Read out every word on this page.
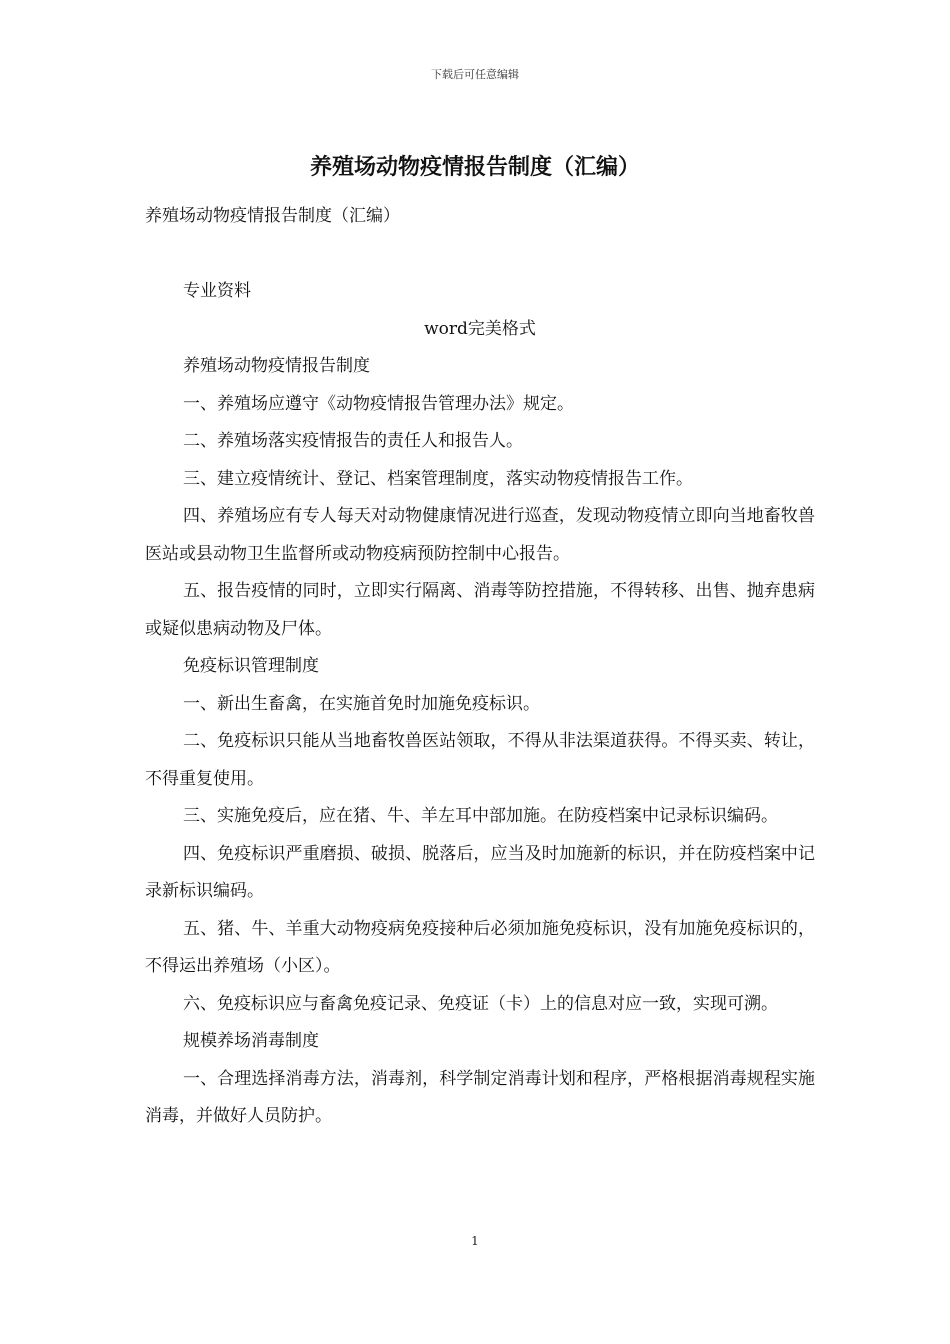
下载后可任意编辑
养殖场动物疫情报告制度（汇编）

养殖场动物疫情报告制度（汇编）

专业资料

word完美格式

养殖场动物疫情报告制度

一、养殖场应遵守《动物疫情报告管理办法》规定。

二、养殖场落实疫情报告的责任人和报告人。

三、建立疫情统计、登记、档案管理制度，落实动物疫情报告工作。

四、养殖场应有专人每天对动物健康情况进行巡查，发现动物疫情立即向当地畜牧兽医站或县动物卫生监督所或动物疫病预防控制中心报告。

五、报告疫情的同时，立即实行隔离、消毒等防控措施，不得转移、出售、抛弃患病或疑似患病动物及尸体。

免疫标识管理制度

一、新出生畜禽，在实施首免时加施免疫标识。

二、免疫标识只能从当地畜牧兽医站领取，不得从非法渠道获得。不得买卖、转让，不得重复使用。

三、实施免疫后，应在猪、牛、羊左耳中部加施。在防疫档案中记录标识编码。

四、免疫标识严重磨损、破损、脱落后，应当及时加施新的标识，并在防疫档案中记录新标识编码。

五、猪、牛、羊重大动物疫病免疫接种后必须加施免疫标识，没有加施免疫标识的，不得运出养殖场（小区）。

六、免疫标识应与畜禽免疫记录、免疫证（卡）上的信息对应一致，实现可溯。

规模养场消毒制度

一、合理选择消毒方法，消毒剂，科学制定消毒计划和程序，严格根据消毒规程实施消毒，并做好人员防护。

1
